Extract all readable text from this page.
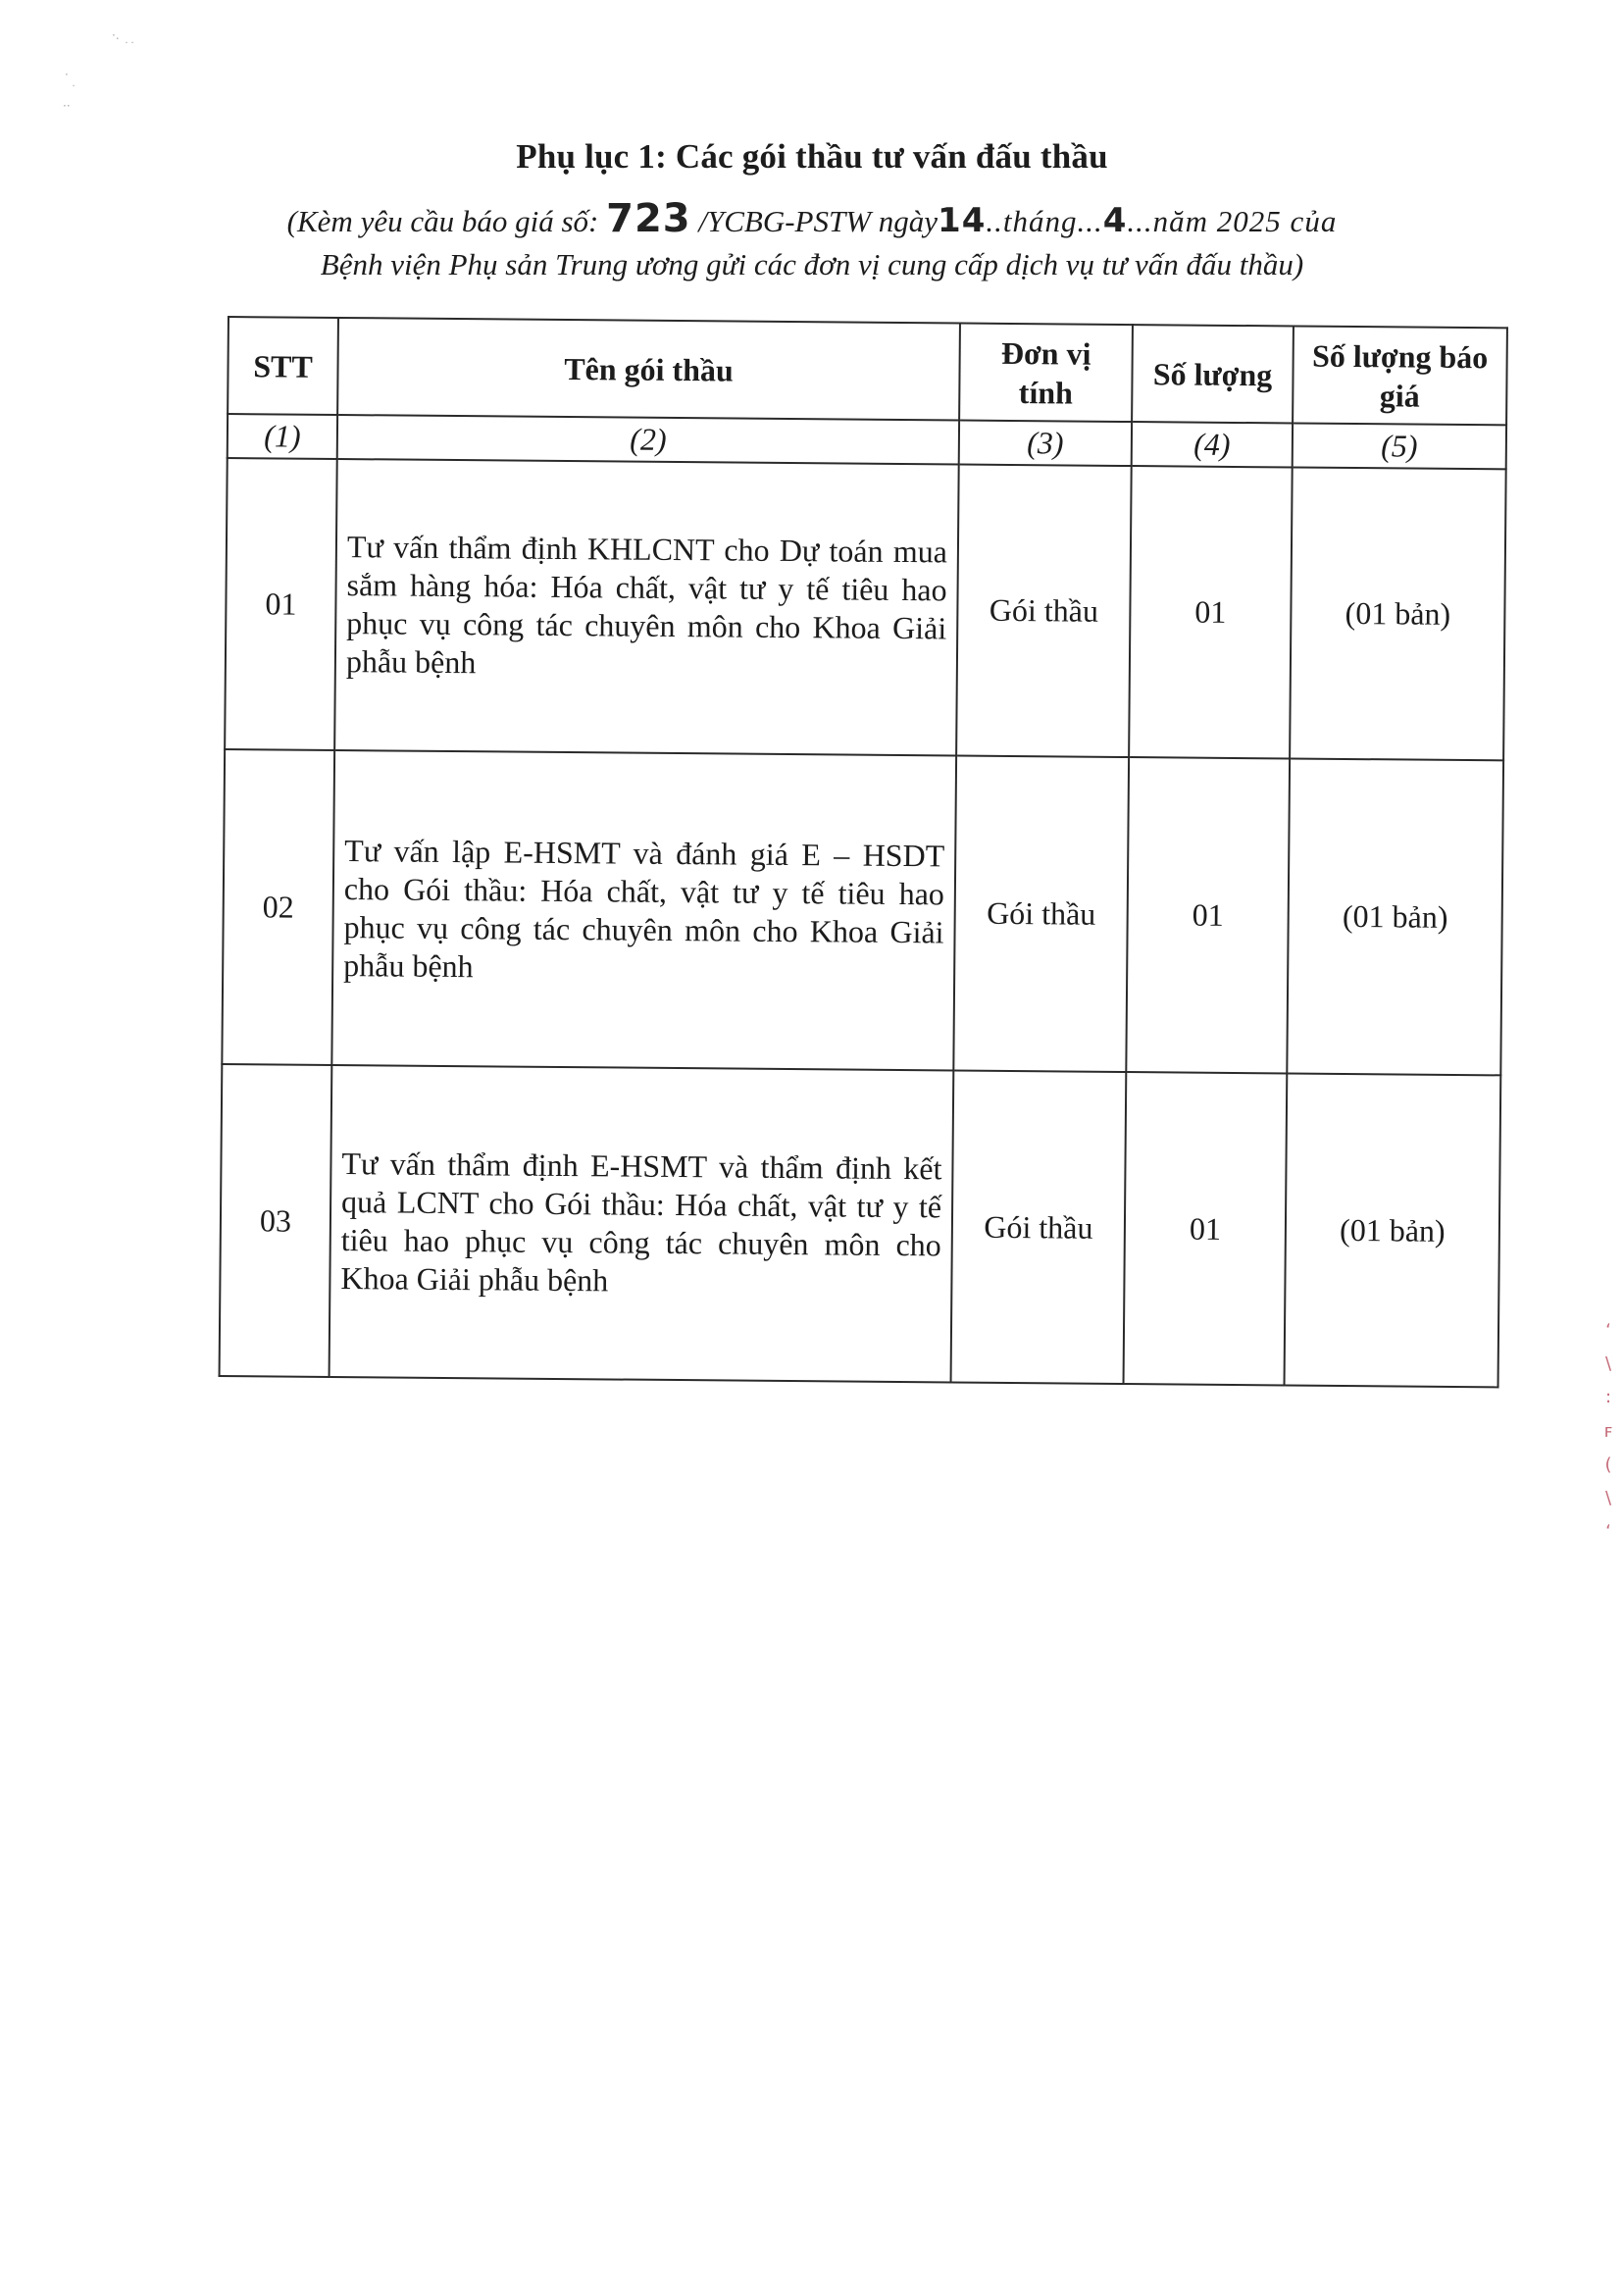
·.
˙˙
·
˙
··
Phụ lục 1: Các gói thầu tư vấn đấu thầu
(Kèm yêu cầu báo giá số: 723 /YCBG-PSTW ngày14..tháng...4...năm 2025 của
Bệnh viện Phụ sản Trung ương gửi các đơn vị cung cấp dịch vụ tư vấn đấu thầu)
STT	Tên gói thầu	Đơn vị tính	Số lượng	Số lượng báo giá
(1)	(2)	(3)	(4)	(5)
01	Tư vấn thẩm định KHLCNT cho Dự toán mua sắm hàng hóa: Hóa chất, vật tư y tế tiêu hao phục vụ công tác chuyên môn cho Khoa Giải phẫu bệnh	Gói thầu	01	(01 bản)
02	Tư vấn lập E-HSMT và đánh giá E – HSDT cho Gói thầu: Hóa chất, vật tư y tế tiêu hao phục vụ công tác chuyên môn cho Khoa Giải phẫu bệnh	Gói thầu	01	(01 bản)
03	Tư vấn thẩm định E-HSMT và thẩm định kết quả LCNT cho Gói thầu: Hóa chất, vật tư y tế tiêu hao phục vụ công tác chuyên môn cho Khoa Giải phẫu bệnh	Gói thầu	01	(01 bản)
ʻ
\
:
ꜰ
(
\
ʻ
